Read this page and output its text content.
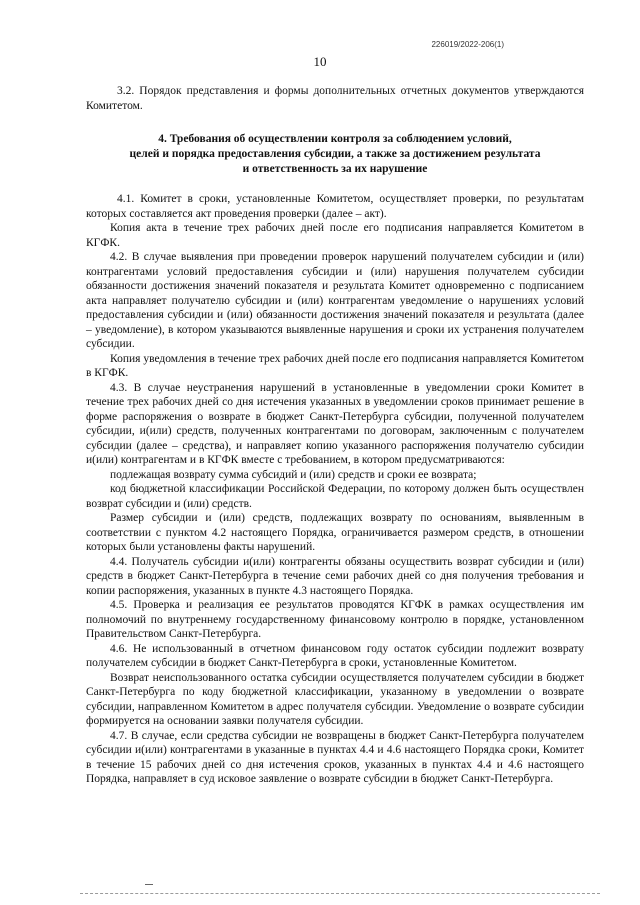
226019/2022-206(1)
10

3.2. Порядок представления и формы дополнительных отчетных документов утверждаются Комитетом.

4. Требования об осуществлении контроля за соблюдением условий,
целей и порядка предоставления субсидии, а также за достижением результата
и ответственность за их нарушение

4.1. Комитет в сроки, установленные Комитетом, осуществляет проверки, по результатам которых составляется акт проведения проверки (далее – акт).

Копия акта в течение трех рабочих дней после его подписания направляется Комитетом в КГФК.

4.2. В случае выявления при проведении проверок нарушений получателем субсидии и (или) контрагентами условий предоставления субсидии и (или) нарушения получателем субсидии обязанности достижения значений показателя и результата Комитет одновременно с подписанием акта направляет получателю субсидии и (или) контрагентам уведомление о нарушениях условий предоставления субсидии и (или) обязанности достижения значений показателя и результата (далее – уведомление), в котором указываются выявленные нарушения и сроки их устранения получателем субсидии.

Копия уведомления в течение трех рабочих дней после его подписания направляется Комитетом в КГФК.

4.3. В случае неустранения нарушений в установленные в уведомлении сроки Комитет в течение трех рабочих дней со дня истечения указанных в уведомлении сроков принимает решение в форме распоряжения о возврате в бюджет Санкт-Петербурга субсидии, полученной получателем субсидии, и(или) средств, полученных контрагентами по договорам, заключенным с получателем субсидии (далее – средства), и направляет копию указанного распоряжения получателю субсидии и(или) контрагентам и в КГФК вместе с требованием, в котором предусматриваются:

подлежащая возврату сумма субсидий и (или) средств и сроки ее возврата;

код бюджетной классификации Российской Федерации, по которому должен быть осуществлен возврат субсидии и (или) средств.

Размер субсидии и (или) средств, подлежащих возврату по основаниям, выявленным в соответствии с пунктом 4.2 настоящего Порядка, ограничивается размером средств, в отношении которых были установлены факты нарушений.

4.4. Получатель субсидии и(или) контрагенты обязаны осуществить возврат субсидии и (или) средств в бюджет Санкт-Петербурга в течение семи рабочих дней со дня получения требования и копии распоряжения, указанных в пункте 4.3 настоящего Порядка.

4.5. Проверка и реализация ее результатов проводятся КГФК в рамках осуществления им полномочий по внутреннему государственному финансовому контролю в порядке, установленном Правительством Санкт-Петербурга.

4.6. Не использованный в отчетном финансовом году остаток субсидии подлежит возврату получателем субсидии в бюджет Санкт-Петербурга в сроки, установленные Комитетом.

Возврат неиспользованного остатка субсидии осуществляется получателем субсидии в бюджет Санкт-Петербурга по коду бюджетной классификации, указанному в уведомлении о возврате субсидии, направленном Комитетом в адрес получателя субсидии. Уведомление о возврате субсидии формируется на основании заявки получателя субсидии.

4.7. В случае, если средства субсидии не возвращены в бюджет Санкт-Петербурга получателем субсидии и(или) контрагентами в указанные в пунктах 4.4 и 4.6 настоящего Порядка сроки, Комитет в течение 15 рабочих дней со дня истечения сроков, указанных в пунктах 4.4 и 4.6 настоящего Порядка, направляет в суд исковое заявление о возврате субсидии в бюджет Санкт-Петербурга.
